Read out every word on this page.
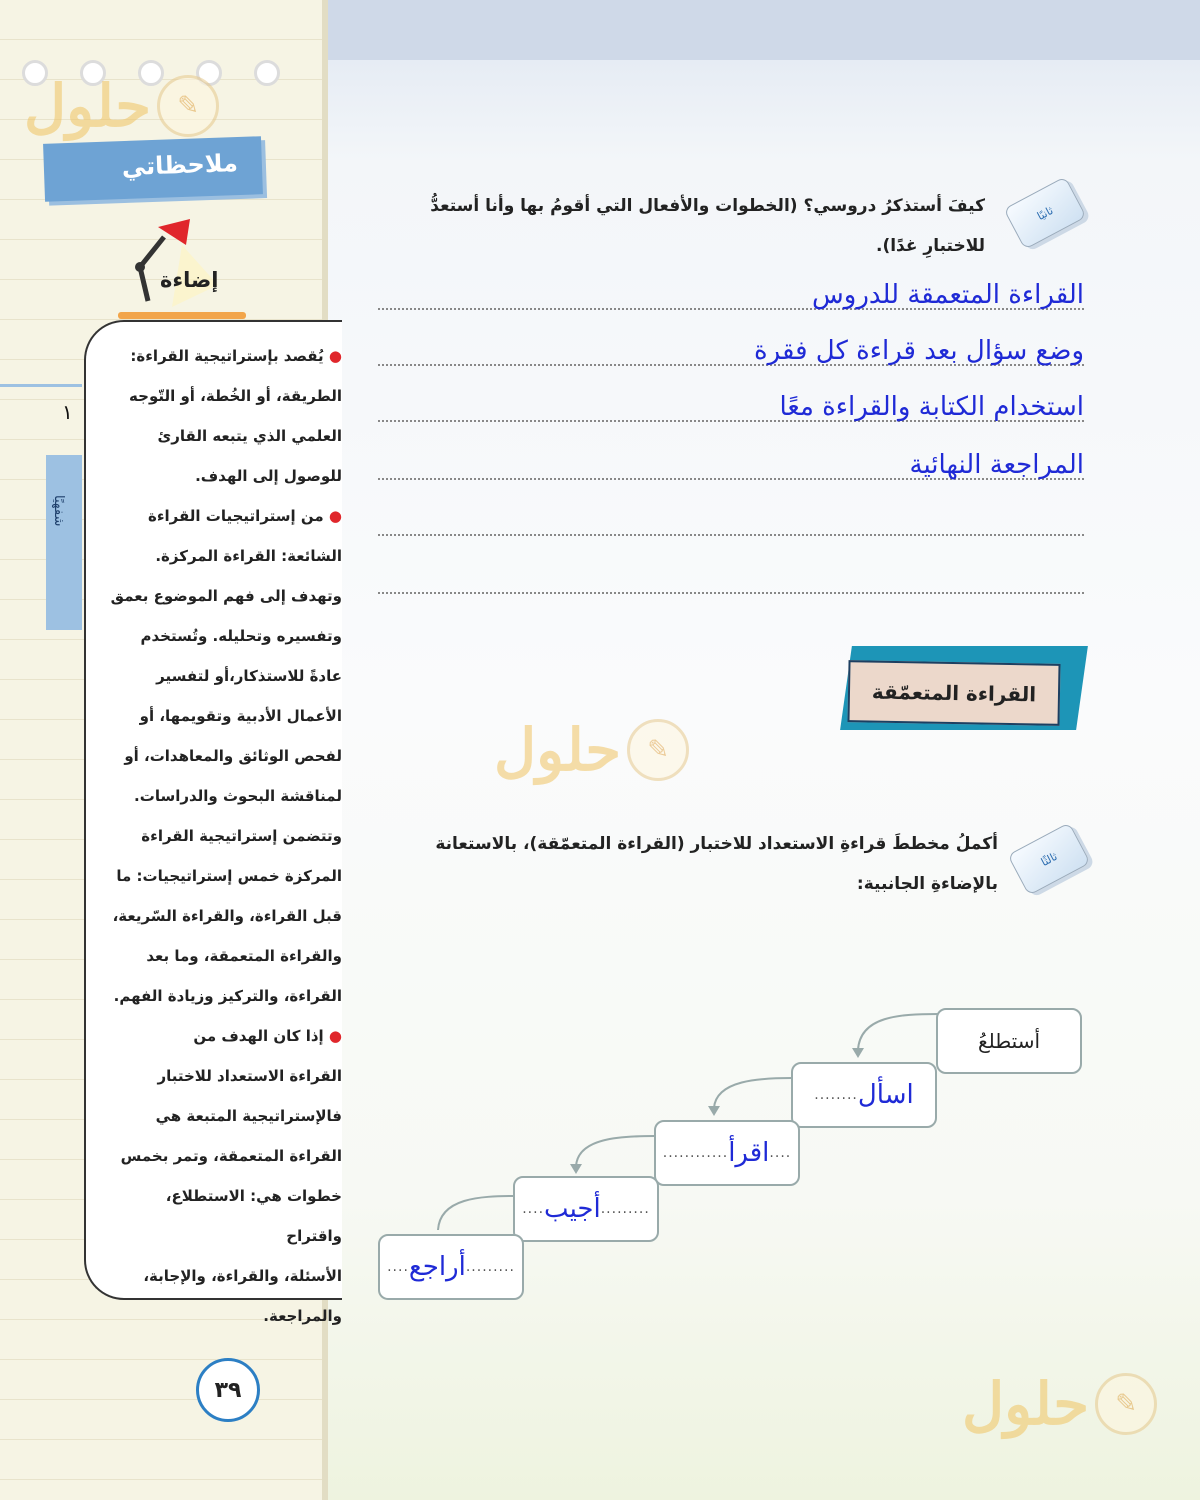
✎
حلول
ملاحظاتي
١
شفهيًا
إضاءة
● يُقصد بإستراتيجية القراءة:
الطريقة، أو الخُطة، أو التّوجه
العلمي الذي يتبعه القارئ
للوصول إلى الهدف.
● من إستراتيجيات القراءة
الشائعة: القراءة المركزة.
وتهدف إلى فهم الموضوع بعمق
وتفسيره وتحليله. وتُستخدم
عادةً للاستذكار،أو لتفسير
الأعمال الأدبية وتقويمها، أو
لفحص الوثائق والمعاهدات، أو
لمناقشة البحوث والدراسات.
وتتضمن إستراتيجية القراءة
المركزة خمس إستراتيجيات: ما
قبل القراءة، والقراءة السّريعة،
والقراءة المتعمقة، وما بعد
القراءة، والتركيز وزيادة الفهم.
● إذا كان الهدف من
القراءة الاستعداد للاختبار
فالإستراتيجية المتبعة هي
القراءة المتعمقة، وتمر بخمس
خطوات هي: الاستطلاع، واقتراح
الأسئلة، والقراءة، والإجابة،
والمراجعة.
٣٩
ثانيًا
كيفَ أستذكرُ دروسي؟ (الخطوات والأفعال التي أقومُ بها وأنا أستعدُّ
للاختبارِ غدًا).
القراءة المتعمقة للدروس
وضع سؤال بعد قراءة كل فقرة
استخدام الكتابة والقراءة معًا
المراجعة النهائية
القراءة المتعمّقة
✎
حلول
ثالثًا
أكملُ مخططَ قراءةِ الاستعداد للاختبار (القراءة المتعمّقة)، بالاستعانة
بالإضاءةِ الجانبية:
أستطلعُ
اسأل
........
....
اقرأ
............
.........
أجيب
....
.........
أراجع
....
✎
حلول
